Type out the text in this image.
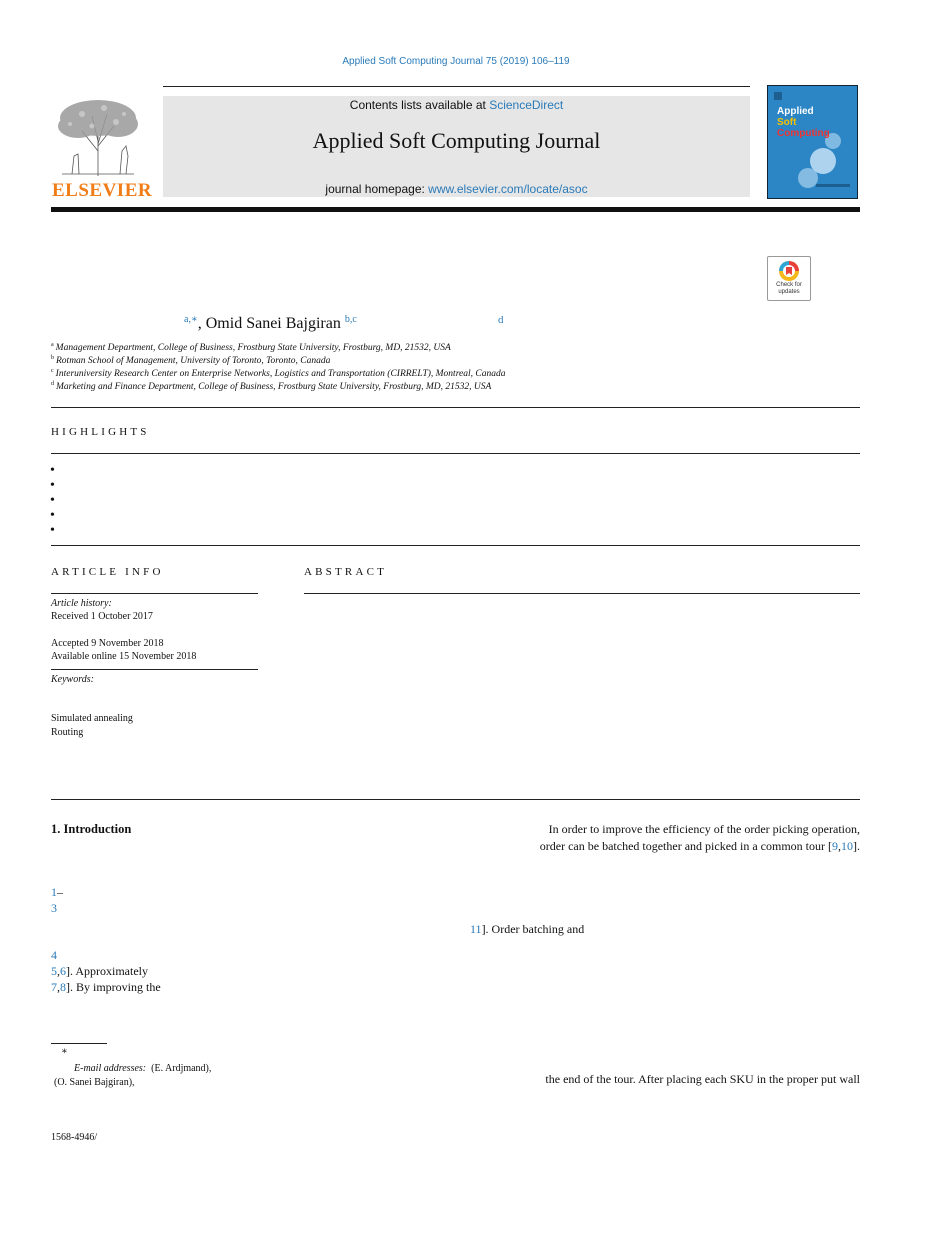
Applied Soft Computing Journal 75 (2019) 106–119
ELSEVIER
Contents lists available at ScienceDirect
Applied Soft Computing Journal
journal homepage: www.elsevier.com/locate/asoc
Applied
Soft
Computing
Check for updates
$^{a,∗}$, Omid Sanei Bajgiran $^{b,c}$	d
$^a$ Management Department, College of Business, Frostburg State University, Frostburg, MD, 21532, USA
$^b$ Rotman School of Management, University of Toronto, Toronto, Canada
$^c$ Interuniversity Research Center on Enterprise Networks, Logistics and Transportation (CIRRELT), Montreal, Canada
$^d$ Marketing and Finance Department, College of Business, Frostburg State University, Frostburg, MD, 21532, USA
HIGHLIGHTS
•
•
•
•
•
ARTICLE INFO
Article history:
Received 1 October 2017
Accepted 9 November 2018
Available online 15 November 2018
Keywords:
Simulated annealing
Routing
ABSTRACT
1. Introduction
1–
3
4
5,6]. Approximately
7,8]. By improving the
∗
E-mail addresses: (E. Ardjmand),
(O. Sanei Bajgiran),
1568-4946/
In order to improve the efficiency of the order picking operation,
order can be batched together and picked in a common tour [9,10].
11]. Order batching and
the end of the tour. After placing each SKU in the proper put wall
